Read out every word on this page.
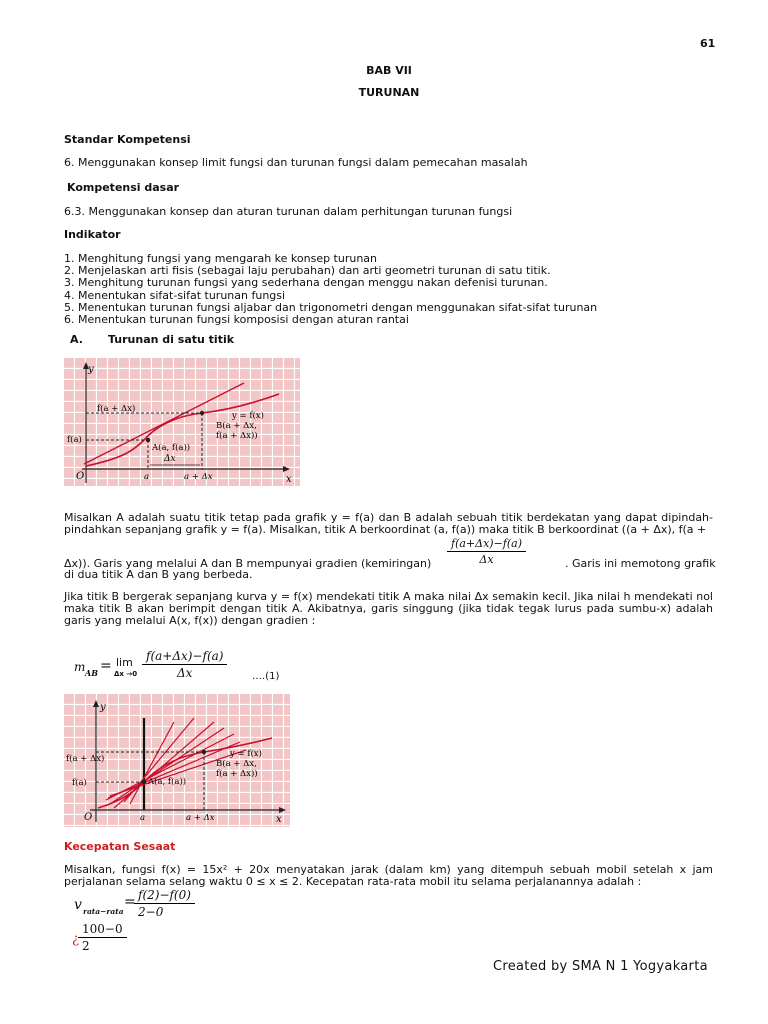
61
BAB VII
TURUNAN
Standar Kompetensi
6. Menggunakan konsep limit fungsi dan turunan fungsi dalam pemecahan masalah
Kompetensi dasar
6.3. Menggunakan konsep dan aturan turunan dalam perhitungan turunan fungsi
Indikator
1. Menghitung fungsi yang mengarah ke konsep turunan
2. Menjelaskan arti fisis (sebagai laju perubahan) dan arti geometri turunan di satu titik.
3. Menghitung turunan fungsi yang sederhana dengan menggu nakan defenisi turunan.
4. Menentukan sifat-sifat turunan fungsi
5. Menentukan turunan fungsi aljabar dan trigonometri dengan menggunakan sifat-sifat turunan
6. Menentukan turunan fungsi komposisi dengan aturan rantai
A. Turunan di satu titik
y
x
O
f(a + Δx)
f(a)
y = f(x)
B(a + Δx,
f(a + Δx))
A(a, f(a))
Δx
a	a + Δx
Misalkan A adalah suatu titik tetap pada grafik y = f(a) dan B adalah sebuah titik berdekatan yang dapat dipindah-pindahkan sepanjang grafik y = f(a). Misalkan, titik A berkoordinat (a, f(a)) maka titik B berkoordinat ((a + Δx), f(a +
Δx)). Garis yang melalui A dan B mempunyai gradien (kemiringan) $\frac{f(a+\Delta x)-f(a)}{\Delta x}$	. Garis ini memotong grafik
di dua titik A dan B yang berbeda.
Jika titik B bergerak sepanjang kurva y = f(x) mendekati titik A maka nilai Δx semakin kecil. Jika nilai h mendekati nol maka titik B akan berimpit dengan titik A. Akibatnya, garis singgung (jika tidak tegak lurus pada sumbu-x) adalah garis yang melalui A(x, f(x)) dengan gradien :
m AB = lim
$\Delta x \to 0 \frac{f(a+\Delta x)-f(a)}{\Delta x}$ ….(1)
y
x
O
f(a + Δx)
f(a)
y = f(x)
B(a + Δx,
f(a + Δx))
A(a, f(a))
a	a + Δx
Kecepatan Sesaat
Misalkan, fungsi f(x) = 15x² + 20x menyatakan jarak (dalam km) yang ditempuh sebuah mobil setelah x jam perjalanan selama selang waktu 0 ≤ x ≤ 2. Kecepatan rata-rata mobil itu selama perjalanannya adalah :
v rata−rata
=
$\frac{f(2)-f(0)}{2-0}$
¿ $\frac{100-0}{2}$
Created by SMA N 1 Yogyakarta
